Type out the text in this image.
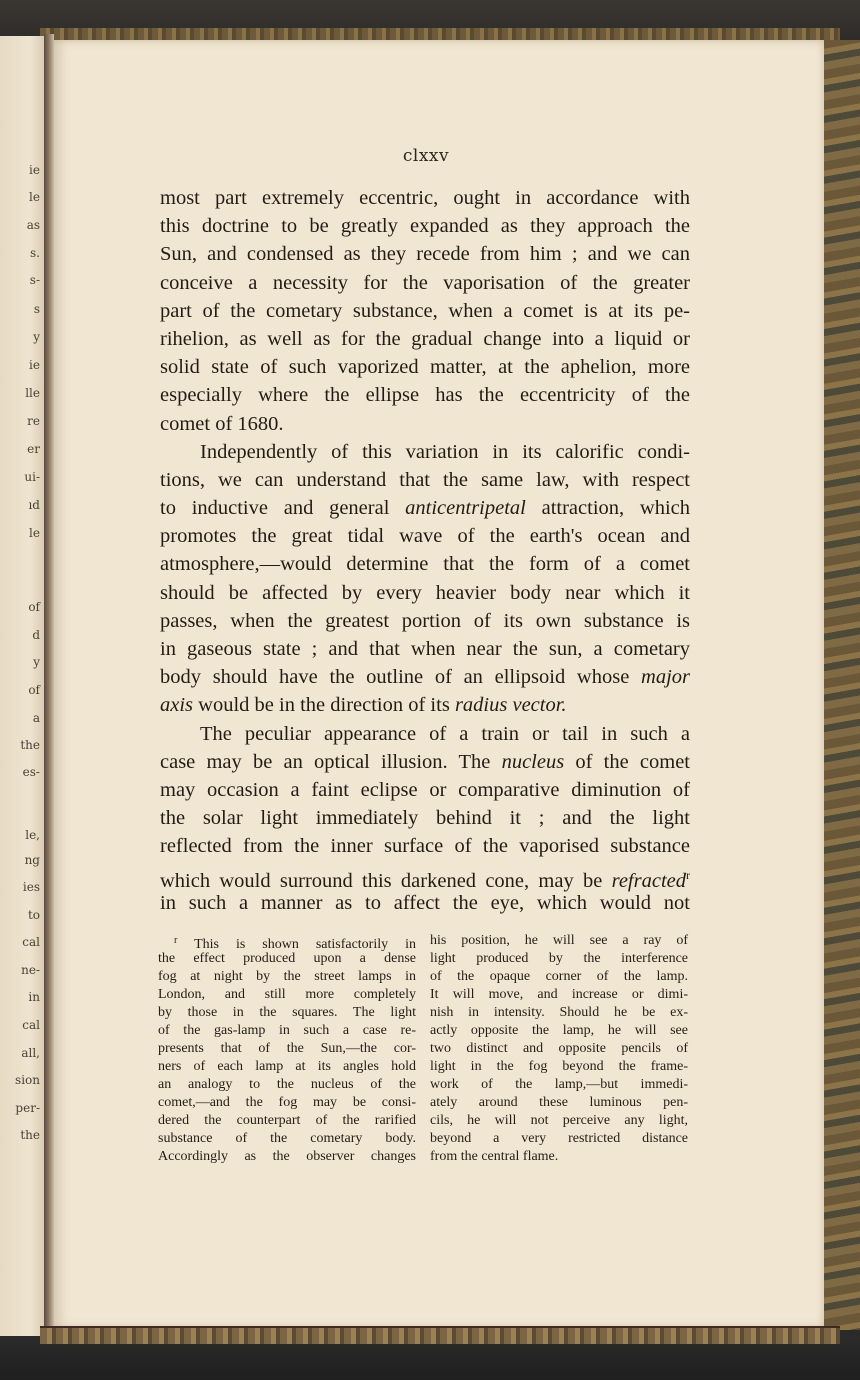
ie
le
as
s.
s-
s
y
ie
lle
re
er
ui-
ıd
le
of
d
y
of
a
the
es-
le,
ng
ies
to
cal
ne-
in
cal
all,
sion
per-
the
clxxv
most part extremely eccentric, ought in accordance with
this doctrine to be greatly expanded as they approach the
Sun, and condensed as they recede from him ; and we can
conceive a necessity for the vaporisation of the greater
part of the cometary substance, when a comet is at its pe-
rihelion, as well as for the gradual change into a liquid or
solid state of such vaporized matter, at the aphelion, more
especially where the ellipse has the eccentricity of the
comet of 1680.
Independently of this variation in its calorific condi-
tions, we can understand that the same law, with respect
to inductive and general anticentripetal attraction, which
promotes the great tidal wave of the earth's ocean and
atmosphere,—would determine that the form of a comet
should be affected by every heavier body near which it
passes, when the greatest portion of its own substance is
in gaseous state ; and that when near the sun, a cometary
body should have the outline of an ellipsoid whose major
axis would be in the direction of its radius vector.
The peculiar appearance of a train or tail in such a
case may be an optical illusion. The nucleus of the comet
may occasion a faint eclipse or comparative diminution of
the solar light immediately behind it ; and the light
reflected from the inner surface of the vaporised substance
which would surround this darkened cone, may be refracted$^r$
in such a manner as to affect the eye, which would not
$^r$ This is shown satisfactorily in
the effect produced upon a dense
fog at night by the street lamps in
London, and still more completely
by those in the squares. The light
of the gas-lamp in such a case re-
presents that of the Sun,—the cor-
ners of each lamp at its angles hold
an analogy to the nucleus of the
comet,—and the fog may be consi-
dered the counterpart of the rarified
substance of the cometary body.
Accordingly as the observer changes
his position, he will see a ray of
light produced by the interference
of the opaque corner of the lamp.
It will move, and increase or dimi-
nish in intensity. Should he be ex-
actly opposite the lamp, he will see
two distinct and opposite pencils of
light in the fog beyond the frame-
work of the lamp,—but immedi-
ately around these luminous pen-
cils, he will not perceive any light,
beyond a very restricted distance
from the central flame.
